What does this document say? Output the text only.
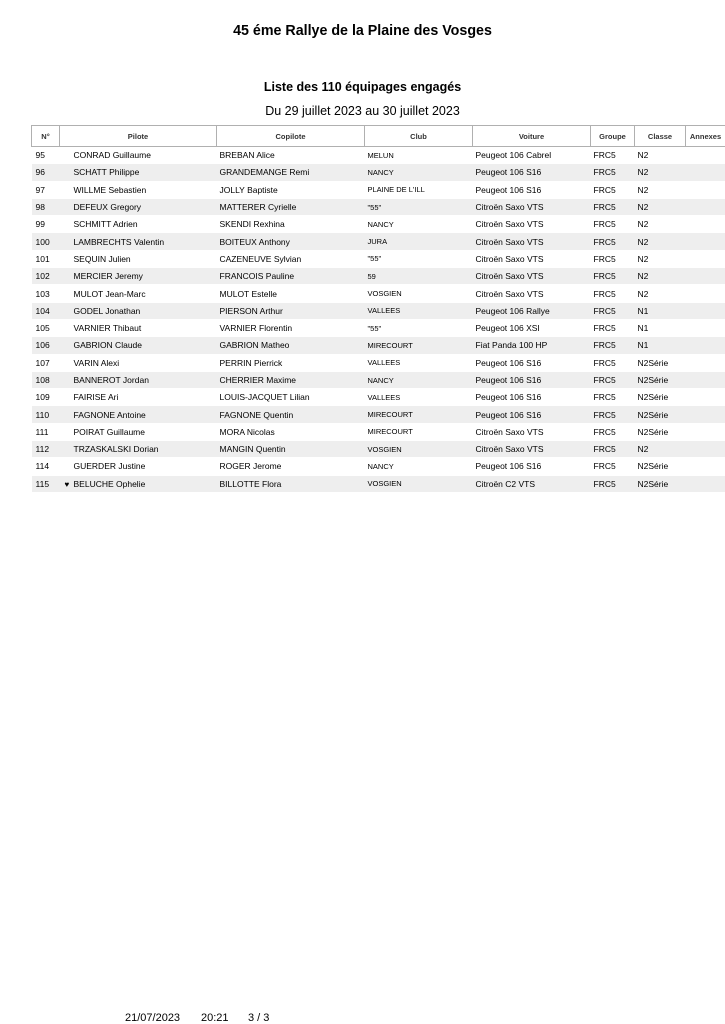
45 éme Rallye de la Plaine des Vosges
Liste des 110 équipages engagés
Du 29 juillet 2023 au 30 juillet 2023
N°	Pilote	Copilote	Club	Voiture	Groupe	Classe	Annexes
95	CONRAD Guillaume	BREBAN Alice	MELUN	Peugeot 106 Cabrel	FRC5	N2	
96	SCHATT Philippe	GRANDEMANGE Remi	NANCY	Peugeot 106 S16	FRC5	N2	
97	WILLME Sebastien	JOLLY Baptiste	PLAINE DE L'ILL	Peugeot 106 S16	FRC5	N2	
98	DEFEUX Gregory	MATTERER Cyrielle	"55"	Citroën Saxo VTS	FRC5	N2	
99	SCHMITT Adrien	SKENDI Rexhina	NANCY	Citroën Saxo VTS	FRC5	N2	
100	LAMBRECHTS Valentin	BOITEUX Anthony	JURA	Citroën Saxo VTS	FRC5	N2	
101	SEQUIN Julien	CAZENEUVE Sylvian	"55"	Citroën Saxo VTS	FRC5	N2	
102	MERCIER Jeremy	FRANCOIS Pauline	59	Citroën Saxo VTS	FRC5	N2	
103	MULOT Jean-Marc	MULOT Estelle	VOSGIEN	Citroën Saxo VTS	FRC5	N2	
104	GODEL Jonathan	PIERSON Arthur	VALLEES	Peugeot 106 Rallye	FRC5	N1	
105	VARNIER Thibaut	VARNIER Florentin	"55"	Peugeot 106 XSI	FRC5	N1	
106	GABRION Claude	GABRION Matheo	MIRECOURT	Fiat Panda 100 HP	FRC5	N1	
107	VARIN Alexi	PERRIN Pierrick	VALLEES	Peugeot 106 S16	FRC5	N2Série	
108	BANNEROT Jordan	CHERRIER Maxime	NANCY	Peugeot 106 S16	FRC5	N2Série	
109	FAIRISE Ari	LOUIS-JACQUET Lilian	VALLEES	Peugeot 106 S16	FRC5	N2Série	
110	FAGNONE Antoine	FAGNONE Quentin	MIRECOURT	Peugeot 106 S16	FRC5	N2Série	
111	POIRAT Guillaume	MORA Nicolas	MIRECOURT	Citroën Saxo VTS	FRC5	N2Série	
112	TRZASKALSKI Dorian	MANGIN Quentin	VOSGIEN	Citroën Saxo VTS	FRC5	N2	
114	GUERDER Justine	ROGER Jerome	NANCY	Peugeot 106 S16	FRC5	N2Série	
115	♥ BELUCHE Ophelie	BILLOTTE Flora	VOSGIEN	Citroën C2 VTS	FRC5	N2Série	
21/07/2023 20:21 3 / 3
